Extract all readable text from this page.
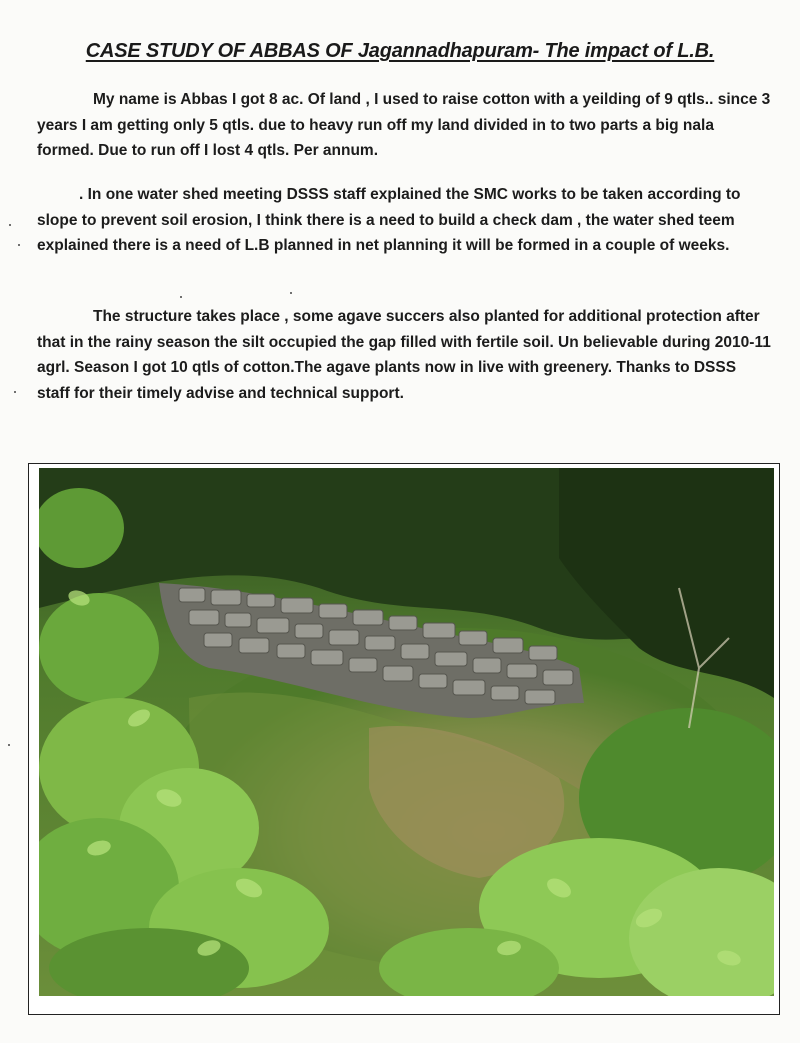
CASE STUDY OF ABBAS OF Jagannadhapuram- The impact of L.B.
My name is Abbas I got 8 ac. Of land , I used to raise cotton with a yeilding of 9 qtls.. since 3 years I am getting only 5 qtls. due to heavy run off my land divided in to two parts a big nala formed. Due to run off I lost 4 qtls. Per annum.
. In one water shed meeting DSSS staff explained the SMC works to be taken according to slope to prevent soil erosion, I think there is a need to build a check dam , the water shed teem explained there is a need of L.B planned in net planning it will be formed in a couple of weeks.
The structure takes place , some agave succers also planted for additional protection after that in the rainy season the silt occupied the gap filled with fertile soil. Un believable during 2010-11 agrl. Season I got 10 qtls of cotton.The agave plants now in live with greenery. Thanks to DSSS staff for their timely advise and technical support.
